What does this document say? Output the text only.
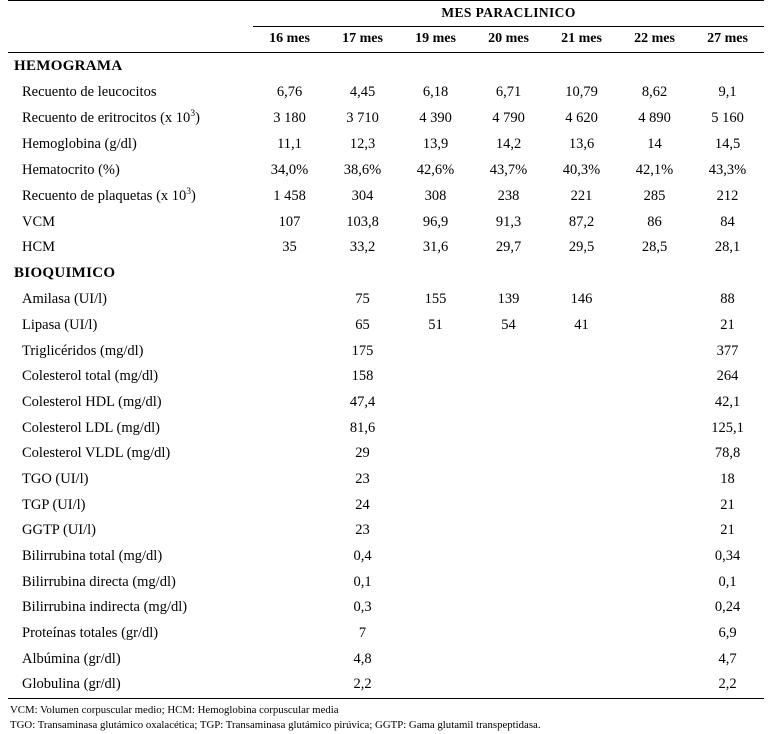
	MES PARACLINICO						
	16 mes	17 mes	19 mes	20 mes	21 mes	22 mes	27 mes
HEMOGRAMA							
Recuento de leucocitos	6,76	4,45	6,18	6,71	10,79	8,62	9,1
Recuento de eritrocitos (x $10^3$)	3 180	3 710	4 390	4 790	4 620	4 890	5 160
Hemoglobina (g/dl)	11,1	12,3	13,9	14,2	13,6	14	14,5
Hematocrito (%)	34,0%	38,6%	42,6%	43,7%	40,3%	42,1%	43,3%
Recuento de plaquetas (x $10^3$)	1 458	304	308	238	221	285	212
VCM	107	103,8	96,9	91,3	87,2	86	84
HCM	35	33,2	31,6	29,7	29,5	28,5	28,1
BIOQUIMICO							
Amilasa (UI/l)		75	155	139	146		88
Lipasa (UI/l)		65	51	54	41		21
Triglicéridos (mg/dl)		175					377
Colesterol total (mg/dl)		158					264
Colesterol HDL (mg/dl)		47,4					42,1
Colesterol LDL (mg/dl)		81,6					125,1
Colesterol VLDL (mg/dl)		29					78,8
TGO (UI/l)		23					18
TGP (UI/l)		24					21
GGTP (UI/l)		23					21
Bilirrubina total (mg/dl)		0,4					0,34
Bilirrubina directa (mg/dl)		0,1					0,1
Bilirrubina indirecta (mg/dl)		0,3					0,24
Proteínas totales (gr/dl)		7					6,9
Albúmina (gr/dl)		4,8					4,7
Globulina (gr/dl)		2,2					2,2
VCM: Volumen corpuscular medio; HCM: Hemoglobina corpuscular media
TGO: Transaminasa glutámico oxalacética; TGP: Transaminasa glutámico pirúvica; GGTP: Gama glutamil transpeptidasa.
